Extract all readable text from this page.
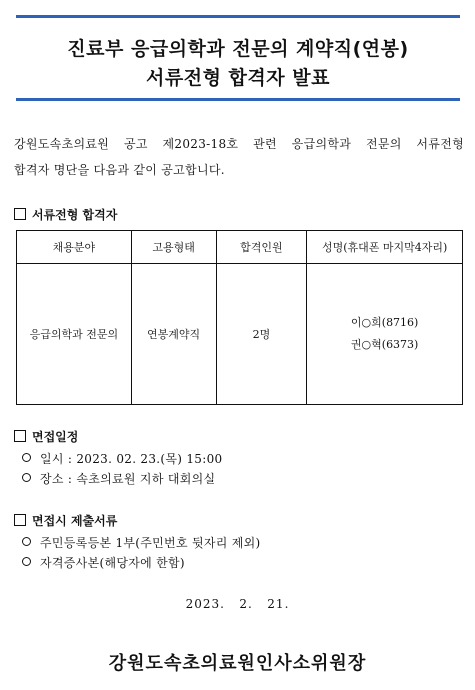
진료부 응급의학과 전문의 계약직(연봉)
서류전형 합격자 발표

강원도속초의료원 공고 제2023-18호 관련 응급의학과 전문의 서류전형

합격자 명단을 다음과 같이 공고합니다.

서류전형 합격자
채용분야	고용형태	합격인원	성명(휴대폰 마지막4자리)
응급의학과 전문의	연봉계약직	2명	이○희(8716)
권○혁(6373)
면접일정
일시 : 2023. 02. 23.(목) 15:00
장소 : 속초의료원 지하 대회의실
면접시 제출서류
주민등록등본 1부(주민번호 뒷자리 제외)
자격증사본(해당자에 한함)
2023.   2.   21.
강원도속초의료원인사소위원장
